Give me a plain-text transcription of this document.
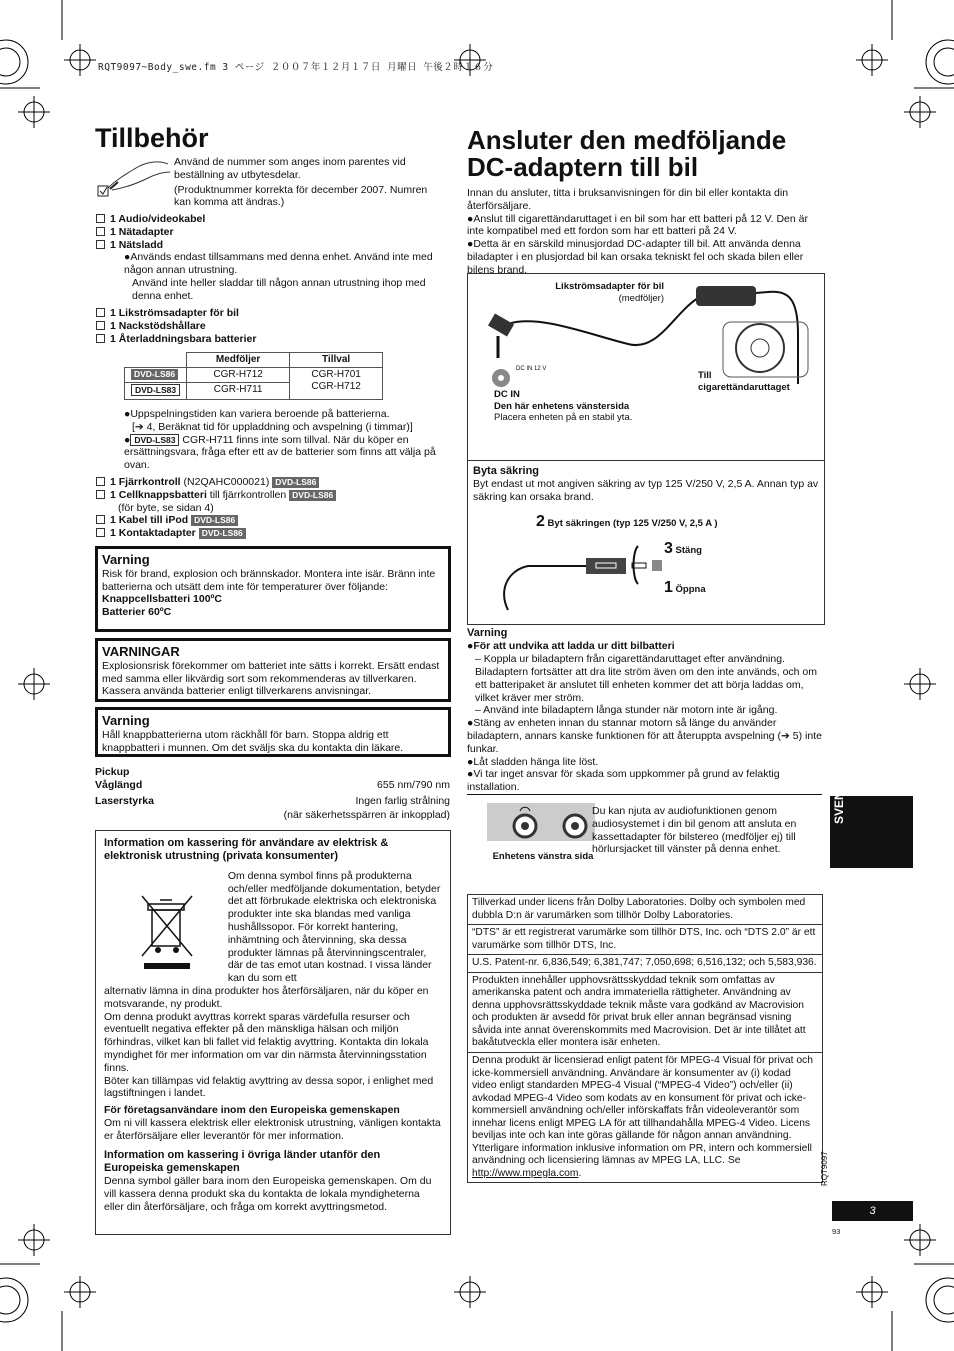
RQT9097~Body_swe.fm 3 ページ ２００７年１２月１７日 月曜日 午後２時１６分
Tillbehör

Använd de nummer som anges inom parentes vid beställning av utbytesdelar.

(Produktnummer korrekta för december 2007. Numren kan komma att ändras.)

1 Audio/videokabel
1 Nätadapter
1 Nätsladd

●Används endast tillsammans med denna enhet. Använd inte med någon annan utrustning.

Använd inte heller sladdar till någon annan utrustning ihop med denna enhet.

1 Likströmsadapter för bil
1 Nackstödshållare
1 Återladdningsbara batterier
	Medföljer	Tillval
DVD-LS86	CGR-H712	CGR-H701
CGR-H712

DVD-LS83	CGR-H711	

●Uppspelningstiden kan variera beroende på batterierna.

[➔ 4, Beräknat tid för uppladdning och avspelning (i timmar)]

● DVD-LS83 CGR-H711 finns inte som tillval. När du köper en ersättningsvara, fråga efter ett av de batterier som finns att välja på ovan.

1 Fjärrkontroll (N2QAHC000021) DVD-LS86
1 Cellknappsbatteri till fjärrkontrollen DVD-LS86
(för byte, se sidan 4)
1 Kabel till iPod DVD-LS86
1 Kontaktadapter DVD-LS86
Varning

Risk för brand, explosion och brännskador. Montera inte isär. Bränn inte batterierna och utsätt dem inte för temperaturer över följande:

Knappcellsbatteri 100ºC

Batterier 60ºC

VARNINGAR

Explosionsrisk förekommer om batteriet inte sätts i korrekt. Ersätt endast med samma eller likvärdig sort som rekommenderas av tillverkaren. Kassera använda batterier enligt tillverkarens anvisningar.

Varning

Håll knappbatterierna utom räckhåll för barn. Stoppa aldrig ett knappbatteri i munnen. Om det sväljs ska du kontakta din läkare.

Pickup
Våglängd	655 nm/790 nm
Laserstyrka	Ingen farlig strålning
(när säkerhetsspärren är inkopplad)

Information om kassering för användare av elektrisk & elektronisk utrustning (privata konsumenter)

Om denna symbol finns på produkterna och/eller medföljande dokumentation, betyder det att förbrukade elektriska och elektroniska produkter inte ska blandas med vanliga hushållssopor. För korrekt hantering, inhämtning och återvinning, ska dessa produkter lämnas på återvinningscentraler, där de tas emot utan kostnad. I vissa länder kan du som ett

alternativ lämna in dina produkter hos återförsäljaren, när du köper en motsvarande, ny produkt.

Om denna produkt avyttras korrekt sparas värdefulla resurser och eventuellt negativa effekter på den mänskliga hälsan och miljön förhindras, vilket kan bli fallet vid felaktig avyttring. Kontakta din lokala myndighet för mer information om var din närmsta återvinningsstation finns.

Böter kan tillämpas vid felaktig avyttring av dessa sopor, i enlighet med lagstiftningen i landet.

För företagsanvändare inom den Europeiska gemenskapen

Om ni vill kassera elektrisk eller elektronisk utrustning, vänligen kontakta er återförsäljare eller leverantör för mer information.

Information om kassering i övriga länder utanför den Europeiska gemenskapen

Denna symbol gäller bara inom den Europeiska gemenskapen. Om du vill kassera denna produkt ska du kontakta de lokala myndigheterna eller din återförsäljare, och fråga om korrekt avyttringsmetod.

Ansluter den medföljande DC-adaptern till bil

Innan du ansluter, titta i bruksanvisningen för din bil eller kontakta din återförsäljare.

●Anslut till cigarettändaruttaget i en bil som har ett batteri på 12 V. Den är inte kompatibel med ett fordon som har ett batteri på 24 V.

●Detta är en särskild minusjordad DC-adapter till bil. Att använda denna biladapter i en plusjordad bil kan orsaka tekniskt fel och skada bilen eller bilens brand.

Likströmsadapter för bil
(medföljer)
DC IN 12 V
DC IN
Den här enhetens vänstersida
Placera enheten på en stabil yta.
Till
cigarettändaruttaget
Byta säkring

Byt endast ut mot angiven säkring av typ 125 V/250 V, 2,5 A. Annan typ av säkring kan orsaka brand.

2 Byt säkringen (typ 125 V/250 V, 2,5 A )
3 Stäng
1 Öppna
Varning

●För att undvika att ladda ur ditt bilbatteri

– Koppla ur biladaptern från cigarettändaruttaget efter användning. Biladaptern fortsätter att dra lite ström även om den inte används, och om ett batteripaket är anslutet till enheten kommer det att börja laddas om, vilket kräver mer ström.

– Använd inte biladaptern långa stunder när motorn inte är igång.

●Stäng av enheten innan du stannar motorn så länge du använder biladaptern, annars kanske funktionen för att återuppta avspelning (➔ 5) inte funkar.

●Låt sladden hänga lite löst.

●Vi tar inget ansvar för skada som uppkommer på grund av felaktig installation.

Enhetens vänstra sida

Du kan njuta av audiofunktionen genom audiosystemet i din bil genom att ansluta en kassettadapter för bilstereo (medföljer ej) till hörlursjacket till vänster på denna enhet.

Tillverkad under licens från Dolby Laboratories. Dolby och symbolen med dubbla D:n är varumärken som tillhör Dolby Laboratories.
“DTS” är ett registrerat varumärke som tillhör DTS, Inc. och “DTS 2.0” är ett varumärke som tillhör DTS, Inc.
U.S. Patent-nr. 6,836,549; 6,381,747; 7,050,698; 6,516,132; och 5,583,936.
Produkten innehåller upphovsrättsskyddad teknik som omfattas av amerikanska patent och andra immateriella rättigheter. Användning av denna upphovsrättsskyddade teknik måste vara godkänd av Macrovision och produkten är avsedd för privat bruk eller annan begränsad visning såvida inte annat överenskommits med Macrovision. Det är inte tillåtet att bakåtutveckla eller montera isär enheten.
Denna produkt är licensierad enligt patent för MPEG-4 Visual för privat och icke-kommersiell användning. Användare är konsumenter av (i) kodad video enligt standarden MPEG-4 Visual (“MPEG-4 Video”) och/eller (ii) avkodad MPEG-4 Video som kodats av en konsument för privat och icke-kommersiell användning och/eller införskaffats från videoleverantör som innehar licens enligt MPEG LA för att tillhandahålla MPEG-4 Video. Licens beviljas inte och kan inte göras gällande för någon annan användning. Ytterligare information inklusive information om PR, intern och kommersiell användning och licensiering lämnas av MPEG LA, LLC. Se http://www.mpegla.com.
SVENSKA
RQT9097
3
93
